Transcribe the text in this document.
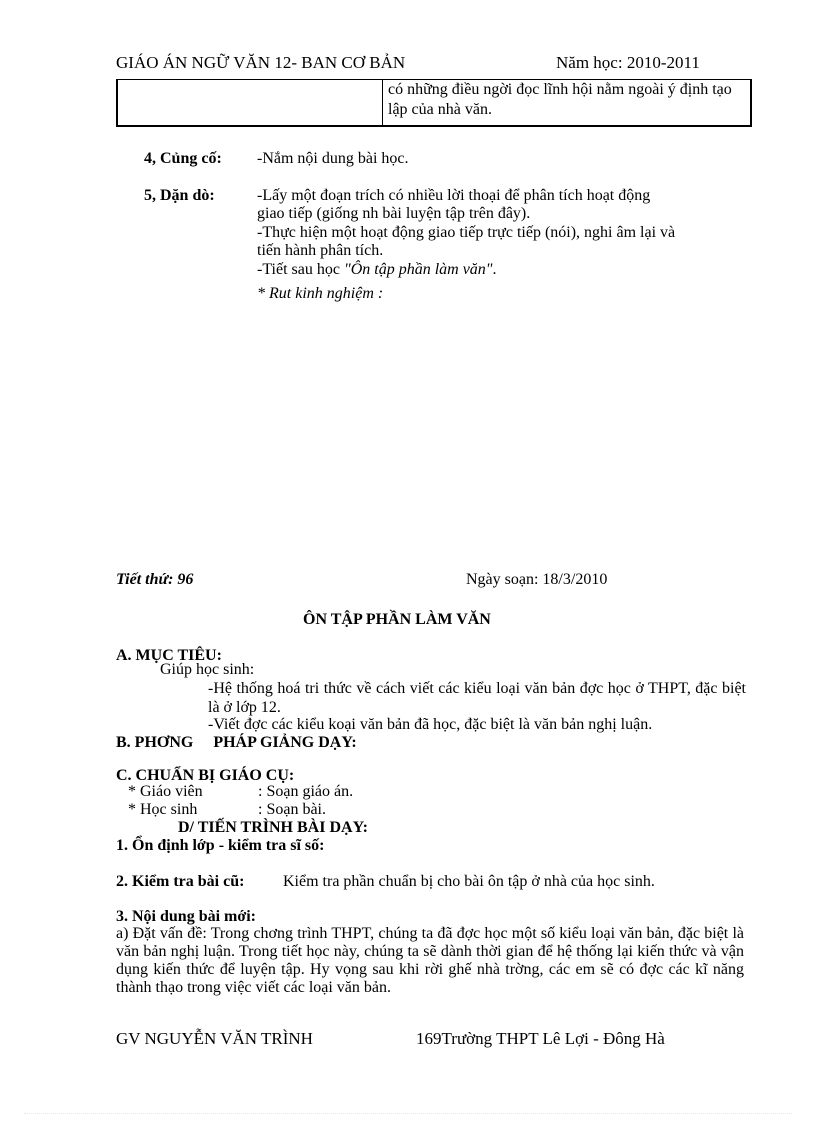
GIÁO ÁN NGỮ VĂN 12- BAN CƠ BẢN	Năm học: 2010-2011
có những điều ngời đọc lĩnh hội nằm ngoài ý định tạo lập của nhà văn.
4, Củng cố: -Nắm nội dung bài học.
5, Dặn dò:	-Lấy một đoạn trích có nhiều lời thoại để phân tích hoạt động
giao tiếp (giống nh bài luyện tập trên đây).
-Thực hiện một hoạt động giao tiếp trực tiếp (nói), nghi âm lại và
tiến hành phân tích.
-Tiết sau học "Ôn tập phần làm văn".
* Rut kinh nghiệm :
Tiết thứ: 96	Ngày soạn: 18/3/2010
ÔN TẬP PHẦN LÀM VĂN
A. MỤC TIÊU:
Giúp học sinh:
-Hệ thống hoá tri thức về cách viết các kiểu loại văn bản đợc học ở THPT, đặc biệt là ở lớp 12.
-Viết đợc các kiểu koại văn bản đã học, đặc biệt là văn bản nghị luận.
B. PHƠNG     PHÁP GIẢNG DẠY:
C. CHUẨN BỊ GIÁO CỤ:
* Giáo viên	: Soạn giáo án.
* Học sinh	: Soạn bài.
D/ TIẾN TRÌNH BÀI DẠY:
1. Ổn định lớp - kiểm tra sĩ số:
2. Kiểm tra bài cũ: Kiểm tra phần chuẩn bị cho bài ôn tập ở nhà của học sinh.
3. Nội dung bài mới:
a) Đặt vấn đề: Trong chơng trình THPT, chúng ta đã đợc học một số kiểu loại văn bản, đặc biệt là văn bản nghị luận. Trong tiết học này, chúng ta sẽ dành thời gian để hệ thống lại kiến thức và vận dụng kiến thức để luyện tập. Hy vọng sau khi rời ghế nhà trờng, các em sẽ có đợc các kĩ năng thành thạo trong việc viết các loại văn bản.
GV NGUYỄN VĂN TRÌNH	169Trường THPT Lê Lợi - Đông Hà
